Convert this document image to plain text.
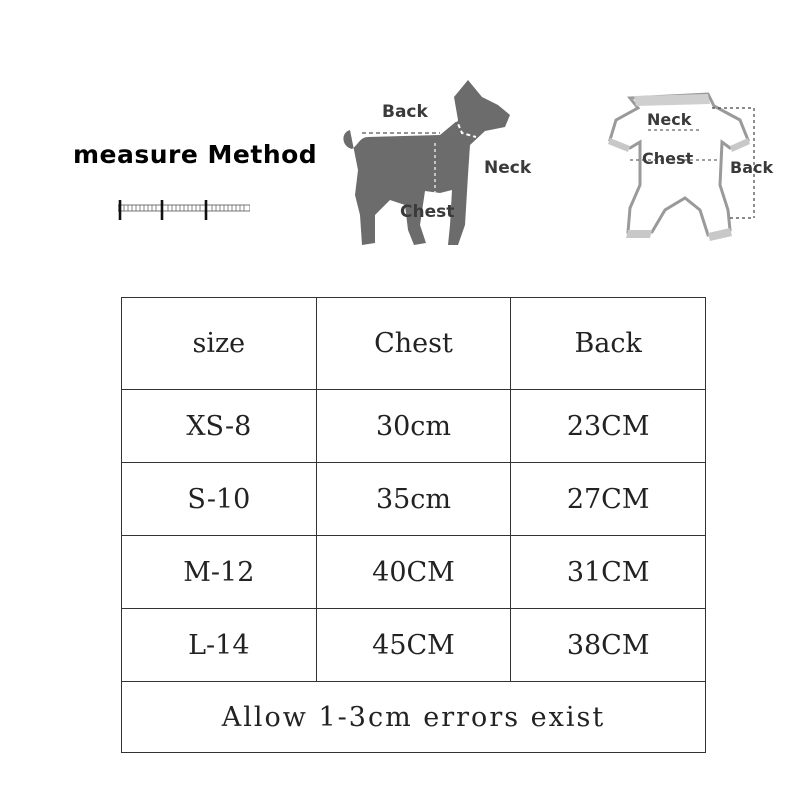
measure Method
Back
Neck
Chest
Neck
Chest Back
size	Chest	Back
XS-8	30cm	23CM
S-10	35cm	27CM
M-12	40CM	31CM
L-14	45CM	38CM
Allow 1-3cm errors exist		
